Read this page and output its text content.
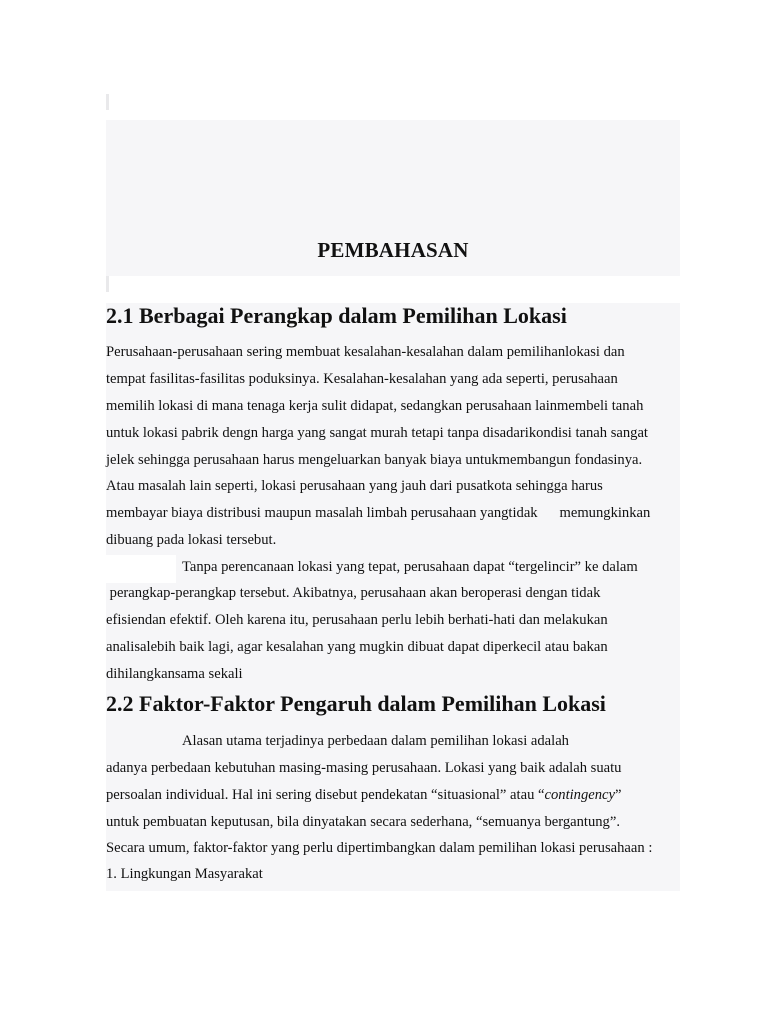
PEMBAHASAN
2.1 Berbagai Perangkap dalam Pemilihan Lokasi

Perusahaan-perusahaan sering membuat kesalahan-kesalahan dalam pemilihanlokasi dan

tempat fasilitas-fasilitas poduksinya. Kesalahan-kesalahan yang ada seperti, perusahaan

memilih lokasi di mana tenaga kerja sulit didapat, sedangkan perusahaan lainmembeli tanah

untuk lokasi pabrik dengn harga yang sangat murah tetapi tanpa disadarikondisi tanah sangat

jelek sehingga perusahaan harus mengeluarkan banyak biaya untukmembangun fondasinya.

Atau masalah lain seperti, lokasi perusahaan yang jauh dari pusatkota sehingga harus

membayar biaya distribusi maupun masalah limbah perusahaan yangtidak      memungkinkan

dibuang pada lokasi tersebut.

Tanpa perencanaan lokasi yang tepat, perusahaan dapat “tergelincir” ke dalam

perangkap-perangkap tersebut. Akibatnya, perusahaan akan beroperasi dengan tidak

efisiendan efektif. Oleh karena itu, perusahaan perlu lebih berhati-hati dan melakukan

analisalebih baik lagi, agar kesalahan yang mugkin dibuat dapat diperkecil atau bakan

dihilangkansama sekali

2.2 Faktor-Faktor Pengaruh dalam Pemilihan Lokasi

Alasan utama terjadinya perbedaan dalam pemilihan lokasi adalah

adanya perbedaan kebutuhan masing-masing perusahaan. Lokasi yang baik adalah suatu

persoalan individual. Hal ini sering disebut pendekatan “situasional” atau “contingency”

untuk pembuatan keputusan, bila dinyatakan secara sederhana, “semuanya bergantung”.

Secara umum, faktor-faktor yang perlu dipertimbangkan dalam pemilihan lokasi perusahaan :

1. Lingkungan Masyarakat
